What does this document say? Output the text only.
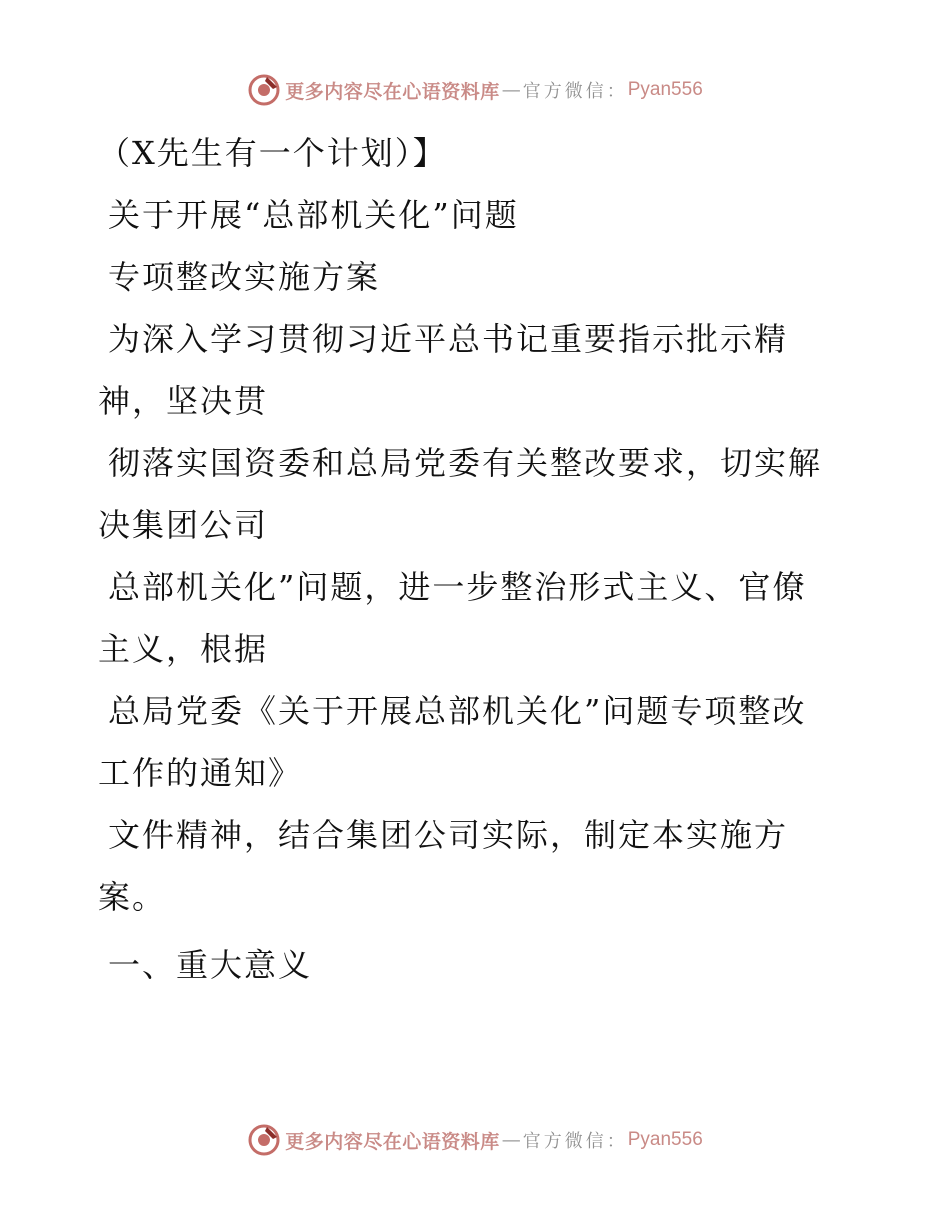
更多内容尽在心语资料库 — 官方微信： Pyan556

（X先生有一个计划）】

关于开展“总部机关化”问题

专项整改实施方案

为深入学习贯彻习近平总书记重要指示批示精

神，坚决贯

彻落实国资委和总局党委有关整改要求，切实解

决集团公司

总部机关化”问题，进一步整治形式主义、官僚

主义，根据

总局党委《关于开展总部机关化”问题专项整改

工作的通知》

文件精神，结合集团公司实际，制定本实施方

案。

一、重大意义

更多内容尽在心语资料库 — 官方微信： Pyan556
